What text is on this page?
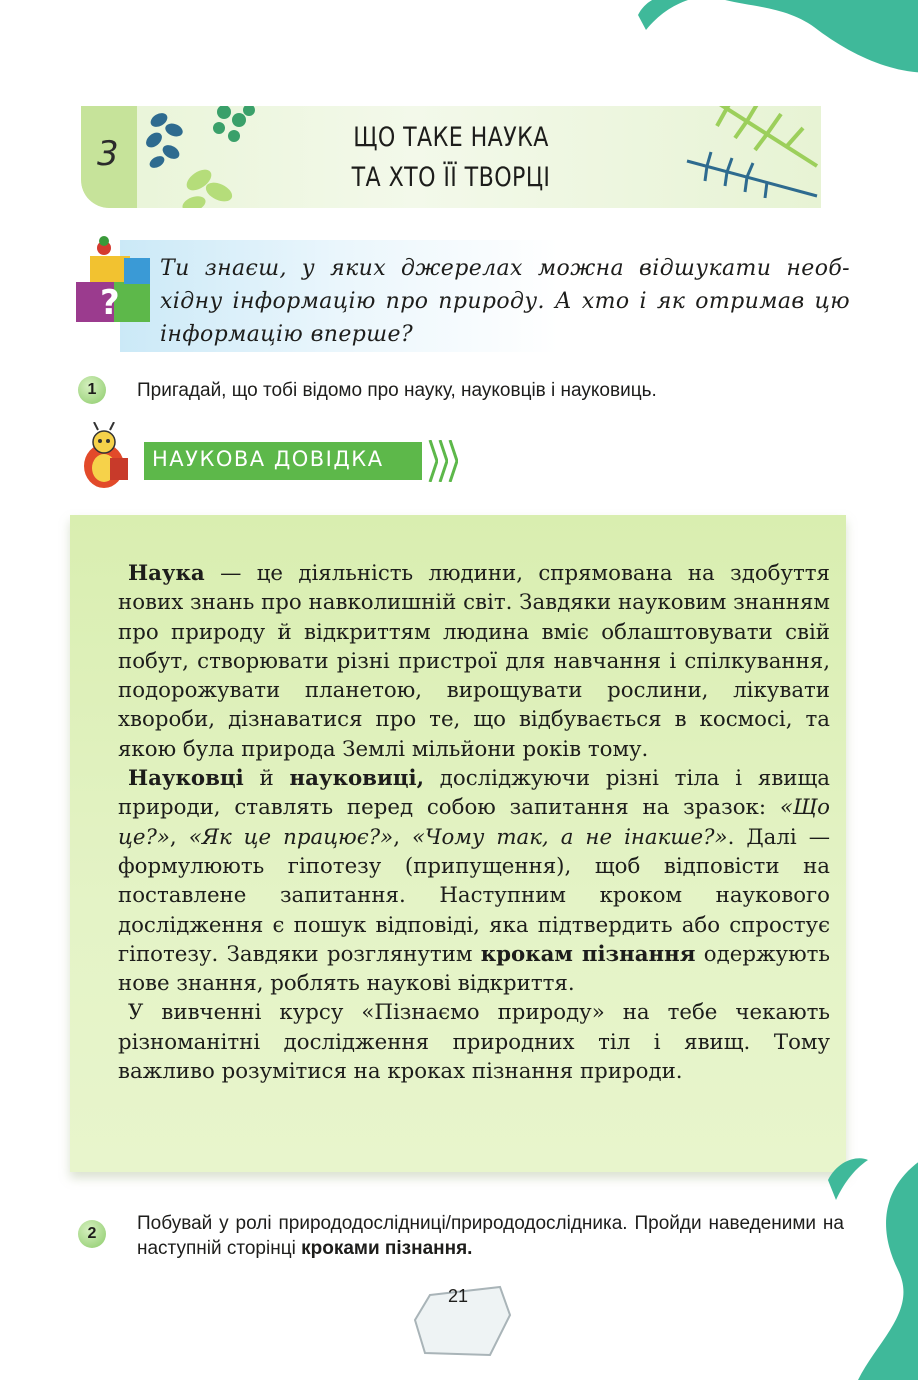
3	ЩО ТАКЕ НАУКА
ТА ХТО ЇЇ ТВОРЦІ

Ти знаєш, у яких джерелах можна відшукати необ-хідну інформацію про природу. А хто і як отримав цю інформацію вперше?

?
1	Пригадай, що тобі відомо про науку, науковців і науковиць.
НАУКОВА ДОВІДКА

Наука — це діяльність людини, спрямована на здобуття нових знань про навколишній світ. Завдяки науковим знанням про природу й відкриттям людина вміє облаштовувати свій побут, створювати різні пристрої для навчання і спілкування, подорожувати планетою, вирощувати рослини, лікувати хвороби, дізнаватися про те, що відбувається в космосі, та якою була природа Землі мільйони років тому.

Науковці й науковиці, досліджуючи різні тіла і явища природи, ставлять перед собою запитання на зразок: «Що це?», «Як це працює?», «Чому так, а не інакше?». Далі — формулюють гіпотезу (припущення), щоб відповісти на поставлене запитання. Наступним кроком наукового дослідження є пошук відповіді, яка підтвердить або спростує гіпотезу. Завдяки розглянутим крокам пізнання одержують нове знання, роблять наукові відкриття.

У вивченні курсу «Пізнаємо природу» на тебе чекають різноманітні дослідження природних тіл і явищ. Тому важливо розумітися на кроках пізнання природи.

2	Побувай у ролі природодослідниці/природодослідника. Пройди наведеними на наступній сторінці кроками пізнання.
21
